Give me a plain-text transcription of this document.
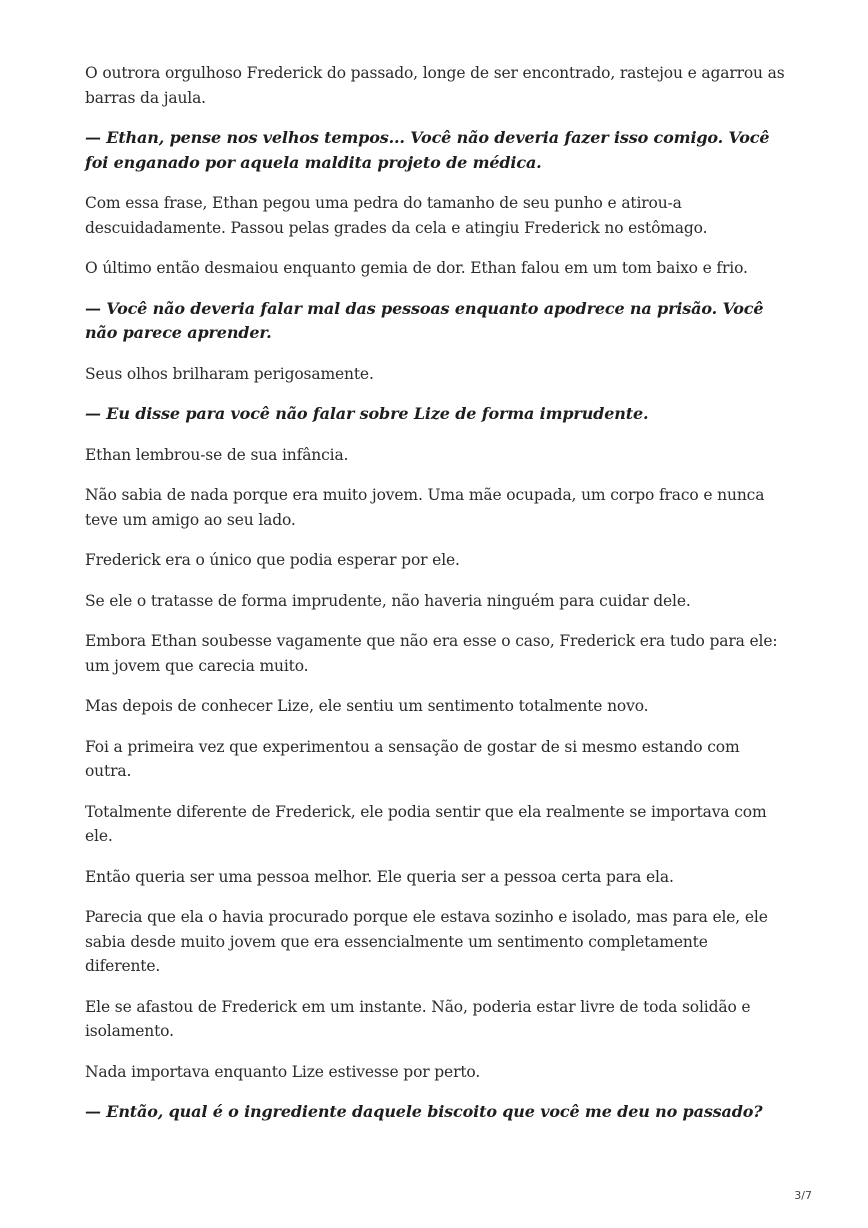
O outrora orgulhoso Frederick do passado, longe de ser encontrado, rastejou e agarrou as barras da jaula.

— Ethan, pense nos velhos tempos... Você não deveria fazer isso comigo. Você foi enganado por aquela maldita projeto de médica.

Com essa frase, Ethan pegou uma pedra do tamanho de seu punho e atirou-a descuidadamente. Passou pelas grades da cela e atingiu Frederick no estômago.

O último então desmaiou enquanto gemia de dor. Ethan falou em um tom baixo e frio.

— Você não deveria falar mal das pessoas enquanto apodrece na prisão. Você não parece aprender.

Seus olhos brilharam perigosamente.

— Eu disse para você não falar sobre Lize de forma imprudente.

Ethan lembrou-se de sua infância.

Não sabia de nada porque era muito jovem. Uma mãe ocupada, um corpo fraco e nunca teve um amigo ao seu lado.

Frederick era o único que podia esperar por ele.

Se ele o tratasse de forma imprudente, não haveria ninguém para cuidar dele.

Embora Ethan soubesse vagamente que não era esse o caso, Frederick era tudo para ele: um jovem que carecia muito.

Mas depois de conhecer Lize, ele sentiu um sentimento totalmente novo.

Foi a primeira vez que experimentou a sensação de gostar de si mesmo estando com outra.

Totalmente diferente de Frederick, ele podia sentir que ela realmente se importava com ele.

Então queria ser uma pessoa melhor. Ele queria ser a pessoa certa para ela.

Parecia que ela o havia procurado porque ele estava sozinho e isolado, mas para ele, ele sabia desde muito jovem que era essencialmente um sentimento completamente diferente.

Ele se afastou de Frederick em um instante. Não, poderia estar livre de toda solidão e isolamento.

Nada importava enquanto Lize estivesse por perto.

— Então, qual é o ingrediente daquele biscoito que você me deu no passado?

3/7
